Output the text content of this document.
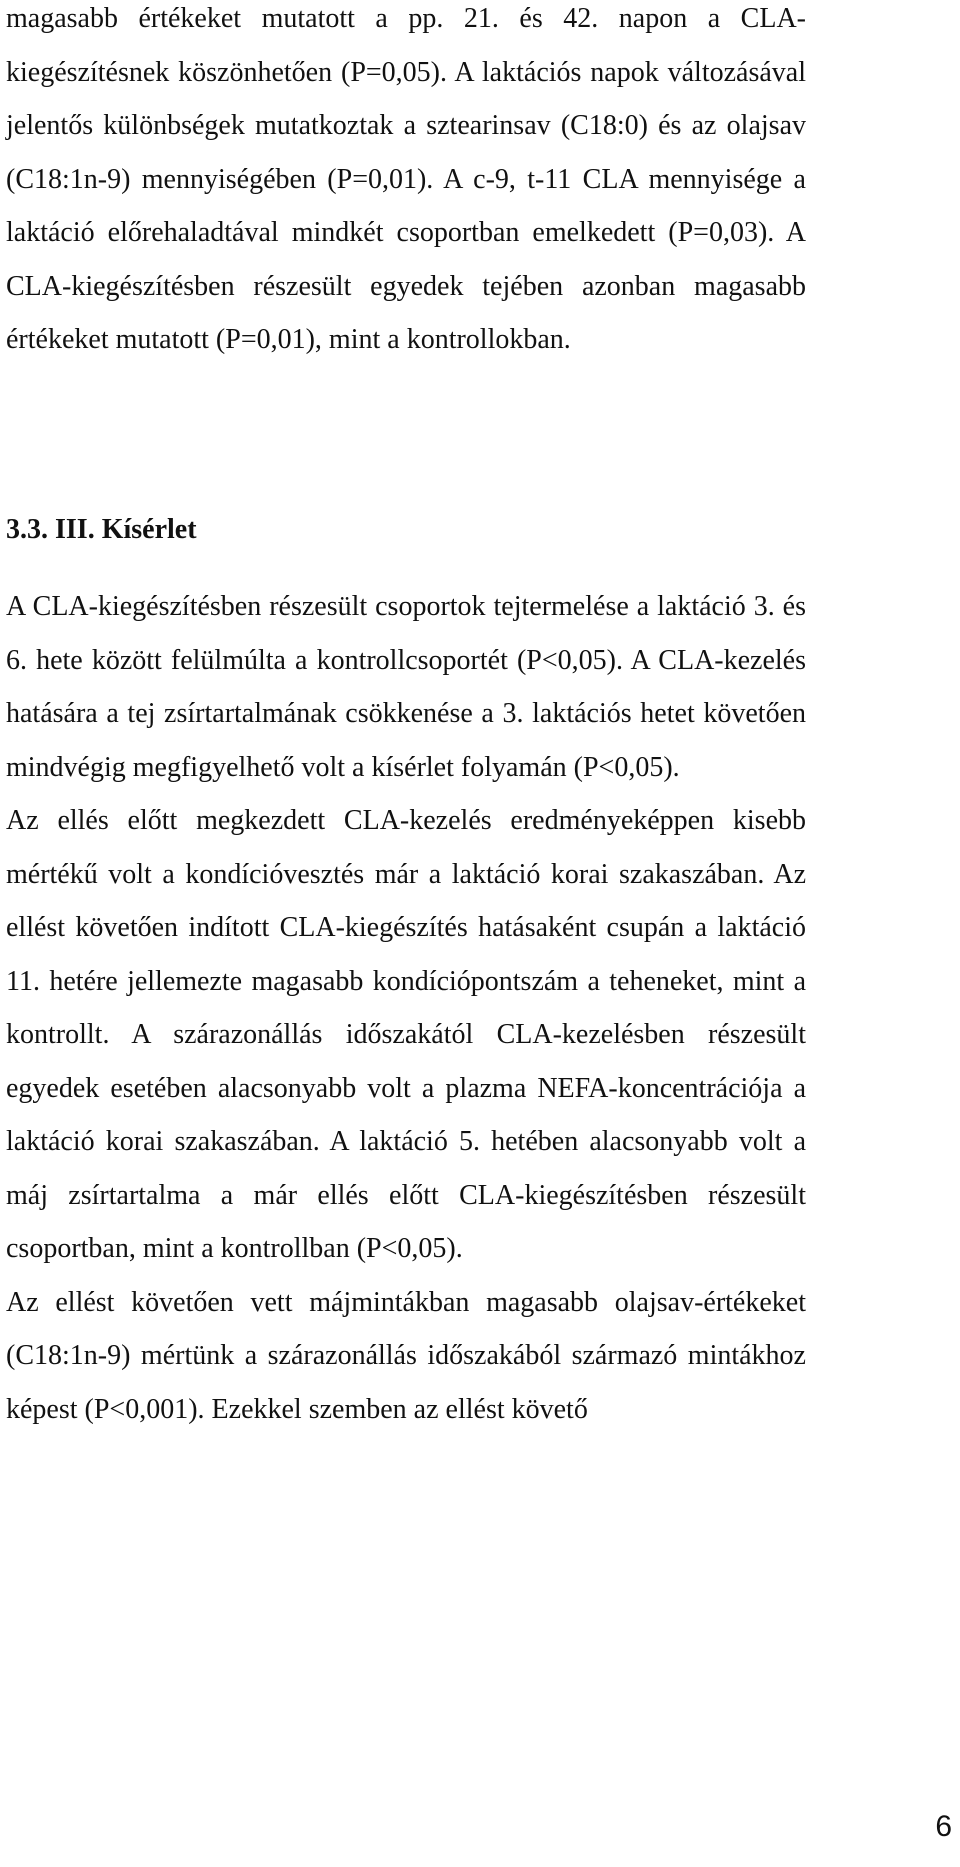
magasabb értékeket mutatott a pp. 21. és 42. napon a CLA-kiegészítésnek köszönhetően (P=0,05). A laktációs napok változásával jelentős különbségek mutatkoztak a sztearinsav (C18:0) és az olajsav (C18:1n-9) mennyiségében (P=0,01). A c-9, t-11 CLA mennyisége a laktáció előrehaladtával mindkét csoportban emelkedett (P=0,03). A CLA-kiegészítésben részesült egyedek tejében azonban magasabb értékeket mutatott (P=0,01), mint a kontrollokban.

3.3. III. Kísérlet

A CLA-kiegészítésben részesült csoportok tejtermelése a laktáció 3. és 6. hete között felülmúlta a kontrollcsoportét (P<0,05). A CLA-kezelés hatására a tej zsírtartalmának csökkenése a 3. laktációs hetet követően mindvégig megfigyelhető volt a kísérlet folyamán (P<0,05).

Az ellés előtt megkezdett CLA-kezelés eredményeképpen kisebb mértékű volt a kondícióvesztés már a laktáció korai szakaszában. Az ellést követően indított CLA-kiegészítés hatásaként csupán a laktáció 11. hetére jellemezte magasabb kondíciópontszám a teheneket, mint a kontrollt. A szárazonállás időszakától CLA-kezelésben részesült egyedek esetében alacsonyabb volt a plazma NEFA-koncentrációja a laktáció korai szakaszában. A laktáció 5. hetében alacsonyabb volt a máj zsírtartalma a már ellés előtt CLA-kiegészítésben részesült csoportban, mint a kontrollban (P<0,05).

Az ellést követően vett májmintákban magasabb olajsav-értékeket (C18:1n-9) mértünk a szárazonállás időszakából származó mintákhoz képest (P<0,001). Ezekkel szemben az ellést követő

6
